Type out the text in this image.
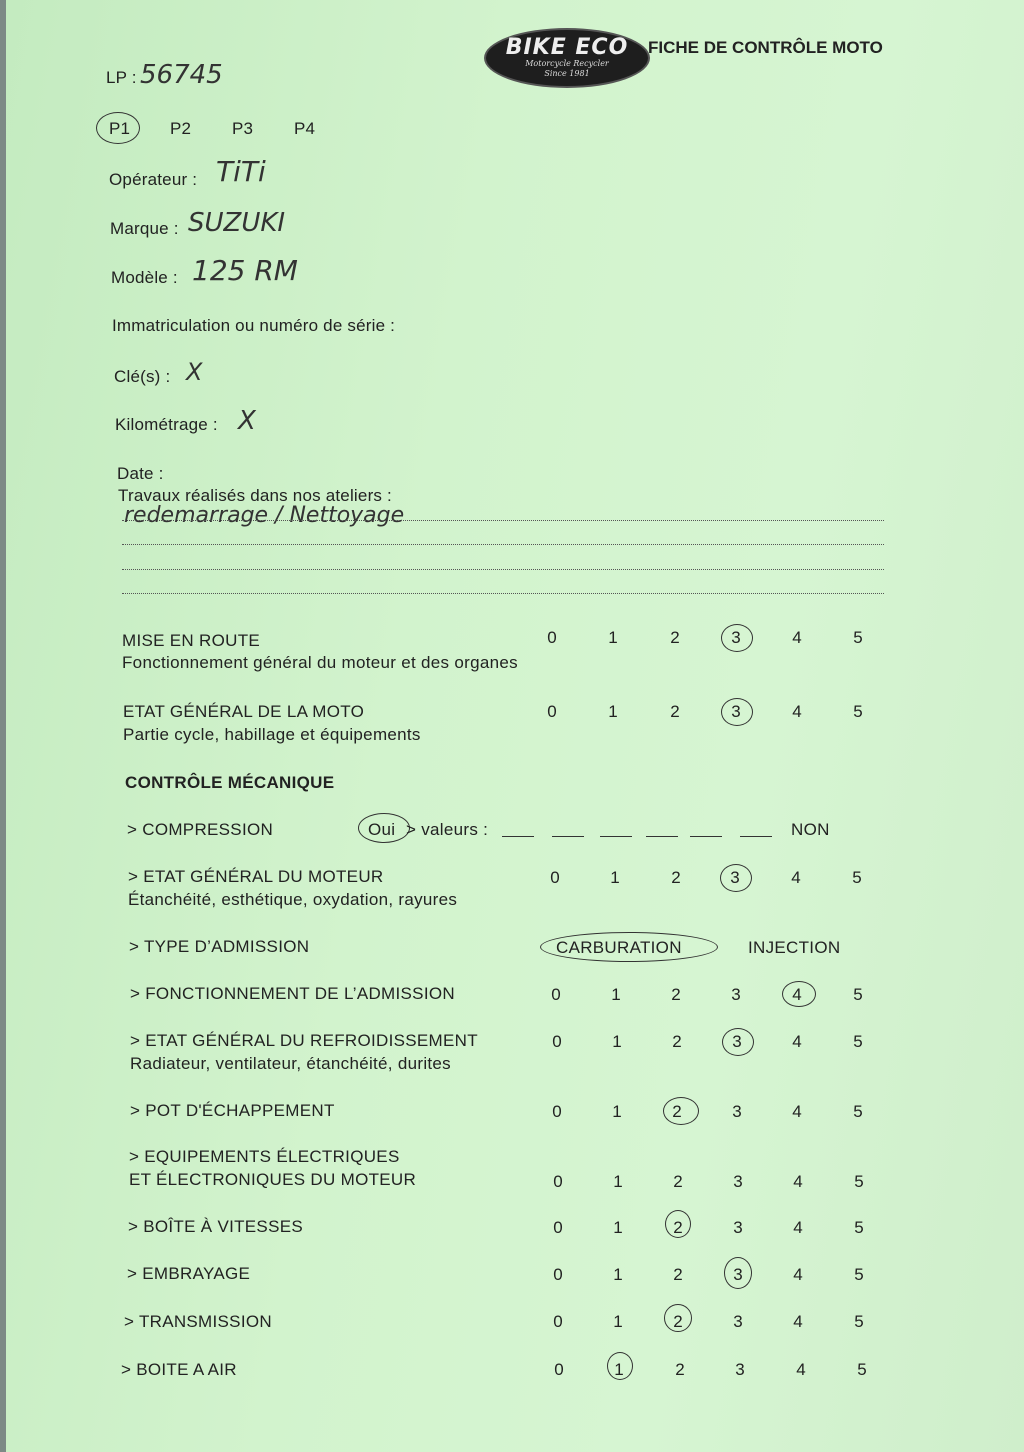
BIKE ECO
Motorcycle Recycler
Since 1981
FICHE DE CONTRÔLE MOTO
LP : 56745
P1 P2 P3 P4
Opérateur : TiTi
Marque : SUZUKI
Modèle : 125 RM
Immatriculation ou numéro de série :
Clé(s) : X
Kilométrage : X
Date :
Travaux réalisés dans nos ateliers :
redemarrage / Nettoyage
MISE EN ROUTE
Fonctionnement général du moteur et des organes
0	1	2	3	4	5
ETAT GÉNÉRAL DE LA MOTO
Partie cycle, habillage et équipements
0	1	2	3	4	5
CONTRÔLE MÉCANIQUE
> COMPRESSION	Oui > valeurs :	NON
> ETAT GÉNÉRAL DU MOTEUR
Étanchéité, esthétique, oxydation, rayures
0	1	2	3	4	5
> TYPE D’ADMISSION	CARBURATION	INJECTION
> FONCTIONNEMENT DE L’ADMISSION	0	1	2	3	4	5
> ETAT GÉNÉRAL DU REFROIDISSEMENT
Radiateur, ventilateur, étanchéité, durites
0	1	2	3	4	5
> POT D'ÉCHAPPEMENT	0	1	2	3	4	5
> EQUIPEMENTS ÉLECTRIQUES
ET ÉLECTRONIQUES DU MOTEUR	0	1	2	3	4	5
> BOÎTE À VITESSES	0	1	2	3	4	5
> EMBRAYAGE	0	1	2	3	4	5
> TRANSMISSION	0	1	2	3	4	5
> BOITE A AIR	0	1	2	3	4	5
